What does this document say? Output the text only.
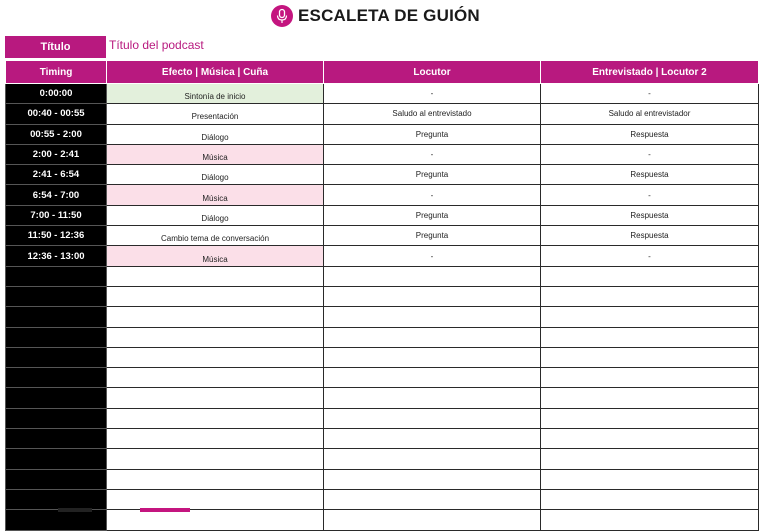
ESCALETA DE GUIÓN
Título	Título del podcast
Timing	Efecto | Música | Cuña	Locutor	Entrevistado | Locutor 2
0:00:00	Sintonía de inicio	-	-
00:40 - 00:55	Presentación	Saludo al entrevistado	Saludo al entrevistador
00:55 - 2:00	Diálogo	Pregunta	Respuesta
2:00 - 2:41	Música	-	-
2:41 - 6:54	Diálogo	Pregunta	Respuesta
6:54 - 7:00	Música	-	-
7:00 - 11:50	Diálogo	Pregunta	Respuesta
11:50 - 12:36	Cambio tema de conversación	Pregunta	Respuesta
12:36 - 13:00	Música	-	-
